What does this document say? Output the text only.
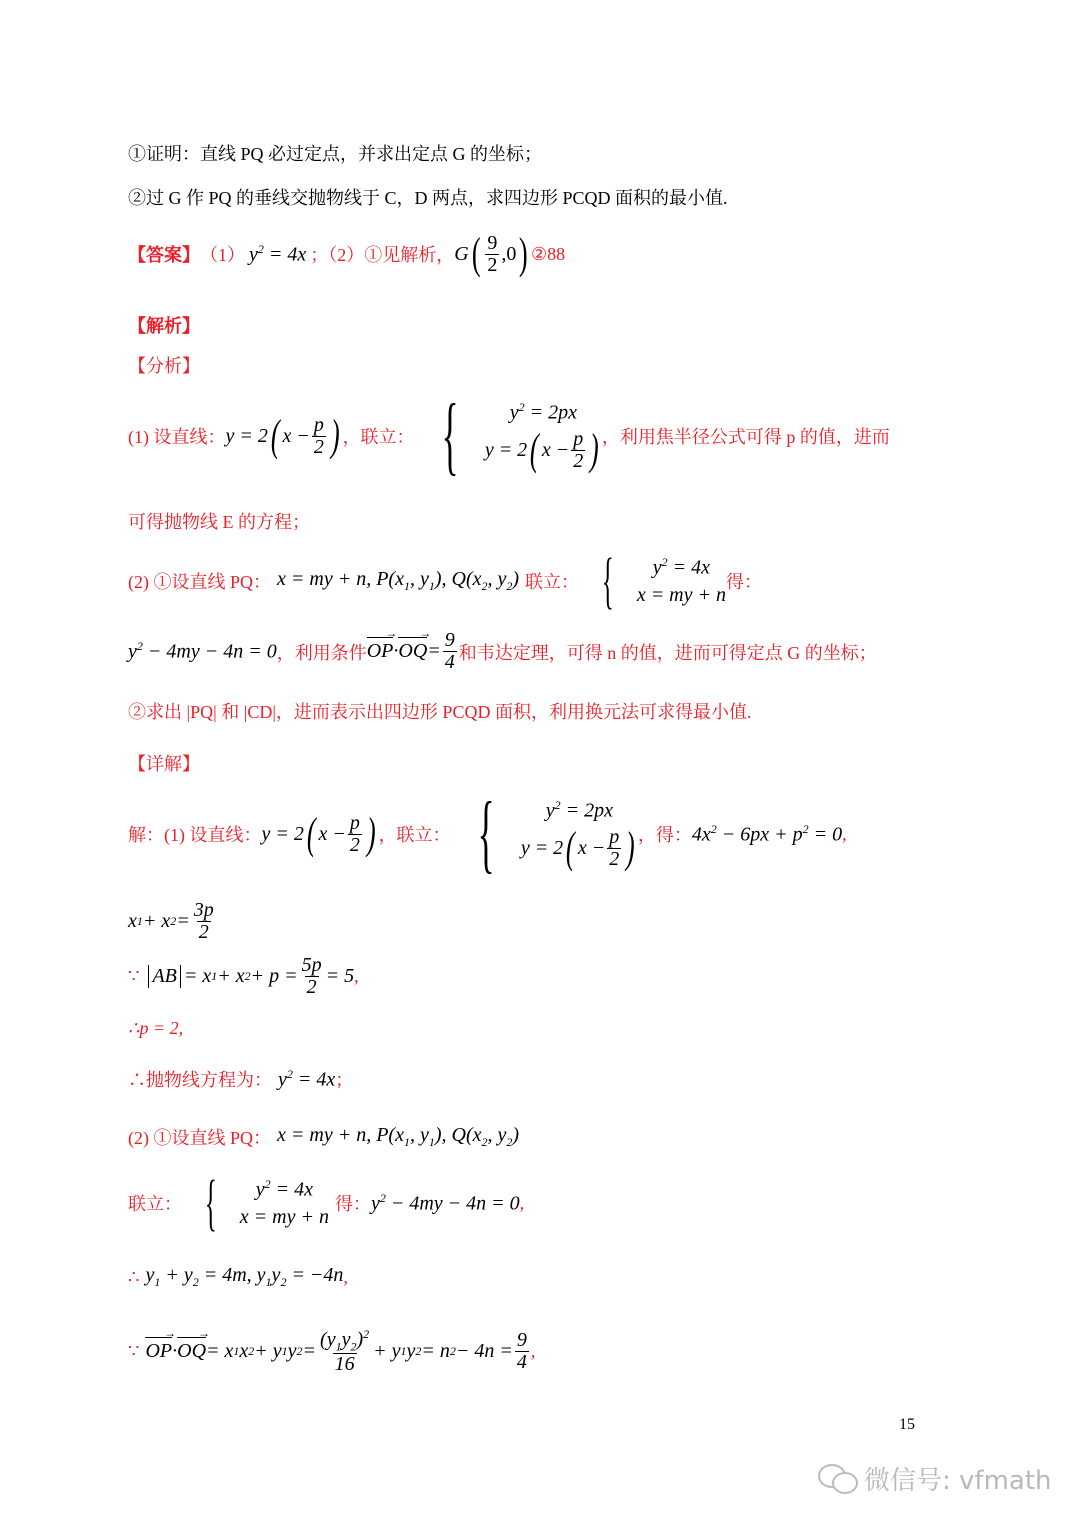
①证明：直线 PQ 必过定点，并求出定点 G 的坐标；
②过 G 作 PQ 的垂线交抛物线于 C，D 两点，求四边形 PCQD 面积的最小值.
【答案】 （1） $y^2 = 4x$ ；（2）①见解析， G ( $\frac{9}{2} ,0$ ) ②88
【解析】
【分析】
(1) 设直线： y = 2 ( $x - \frac{p}{2}$ ) ，联立： {	$y^2 = 2px$
y = 2 ( $x - \frac{p}{2}$ ) ，利用焦半径公式可得 p 的值，进而
可得抛物线 E 的方程；
(2) ①设直线 PQ： x = my + n, $P(x_1$, $y_1$), $Q(x_2$, $y_2$) 联立： { $y^2 = 4x$
x = my + n
得：
$y^2 - 4my - 4n = 0$ ，利用条件 OP → · OQ → = $\frac{9}{4}$ 和韦达定理，可得 n 的值，进而可得定点 G 的坐标；
②求出 |PQ| 和 |CD|，进而表示出四边形 PCQD 面积，利用换元法可求得最小值.
【详解】
解：(1) 设直线： y = 2 ( $x - \frac{p}{2}$ ) ，联立： {	$y^2 = 2px$
y = 2 ( $x - \frac{p}{2}$ ) ，得： $4x^2 - 6px + p^2 = 0$ ,
x 1 + x $2 = \frac{3p}{2}$
∵ AB = x 1 + x $2 + p = \frac{5p}{2} = 5$ ,
∴p = 2,
∴抛物线方程为： $y^2 = 4x$ ；
(2) ①设直线 PQ： x = my + n, $P(x_1$, $y_1$), $Q(x_2$, $y_2$)
联立： { $y^2 = 4x$
x = my + n
得： $y^2 - 4my - 4n = 0$ ,
∴ $y_1 + y_2 = 4m$, $y_1y_2 = -4n$ ,
∵ OP → · OQ → = x 1 x 2 + y 1 y $2 = \frac{(y_1y_2)^2}{16} + y$ 1 y 2 = n $2 - 4n = \frac{9}{4}$ ,
15
微信号: vfmath
